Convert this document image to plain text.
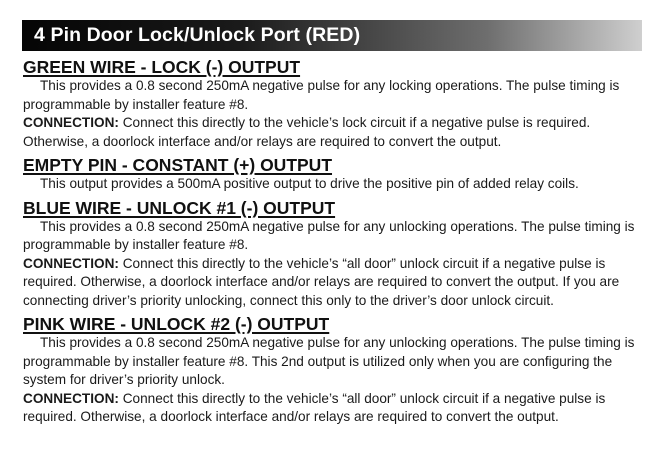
4 Pin Door Lock/Unlock Port (RED)
GREEN WIRE - LOCK (-) OUTPUT

This provides a 0.8 second 250mA negative pulse for any locking operations. The pulse timing is programmable by installer feature #8.

CONNECTION: Connect this directly to the vehicle’s lock circuit if a negative pulse is required. Otherwise, a doorlock interface and/or relays are required to convert the output.

EMPTY PIN - CONSTANT (+) OUTPUT

This output provides a 500mA positive output to drive the positive pin of added relay coils.

BLUE WIRE - UNLOCK #1 (-) OUTPUT

This provides a 0.8 second 250mA negative pulse for any unlocking operations. The pulse timing is programmable by installer feature #8.

CONNECTION: Connect this directly to the vehicle’s “all door” unlock circuit if a negative pulse is required. Otherwise, a doorlock interface and/or relays are required to convert the output. If you are connecting driver’s priority unlocking, connect this only to the driver’s door unlock circuit.

PINK WIRE - UNLOCK #2 (-) OUTPUT

This provides a 0.8 second 250mA negative pulse for any unlocking operations. The pulse timing is programmable by installer feature #8. This 2nd output is utilized only when you are configuring the system for driver’s priority unlock.

CONNECTION: Connect this directly to the vehicle’s “all door” unlock circuit if a negative pulse is required. Otherwise, a doorlock interface and/or relays are required to convert the output.
